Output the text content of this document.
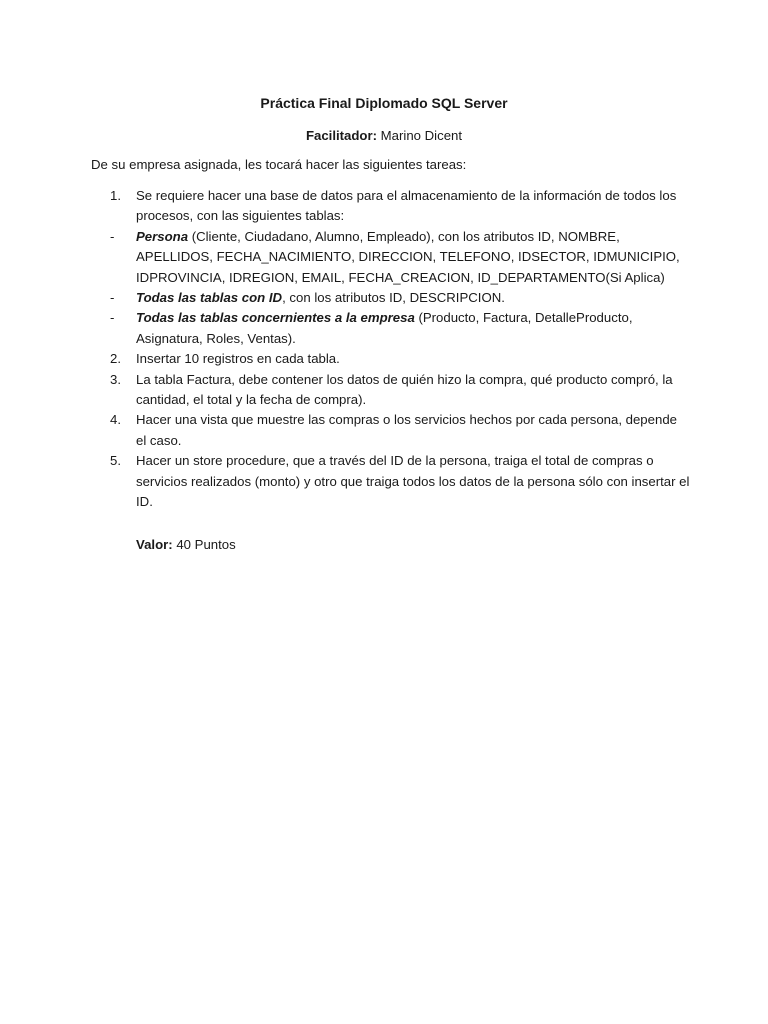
Práctica Final Diplomado SQL Server
Facilitador: Marino Dicent
De su empresa asignada, les tocará hacer las siguientes tareas:
1.	Se requiere hacer una base de datos para el almacenamiento de la información de todos los procesos, con las siguientes tablas:
-	Persona (Cliente, Ciudadano, Alumno, Empleado), con los atributos ID, NOMBRE, APELLIDOS, FECHA_NACIMIENTO, DIRECCION, TELEFONO, IDSECTOR, IDMUNICIPIO, IDPROVINCIA, IDREGION, EMAIL, FECHA_CREACION, ID_DEPARTAMENTO(Si Aplica)
-	Todas las tablas con ID, con los atributos ID, DESCRIPCION.
-	Todas las tablas concernientes a la empresa (Producto, Factura, DetalleProducto, Asignatura, Roles, Ventas).
2.	Insertar 10 registros en cada tabla.
3.	La tabla Factura, debe contener los datos de quién hizo la compra, qué producto compró, la cantidad, el total y la fecha de compra).
4.	Hacer una vista que muestre las compras o los servicios hechos por cada persona, depende el caso.
5.	Hacer un store procedure, que a través del ID de la persona, traiga el total de compras o servicios realizados (monto) y otro que traiga todos los datos de la persona sólo con insertar el ID.
Valor: 40 Puntos
